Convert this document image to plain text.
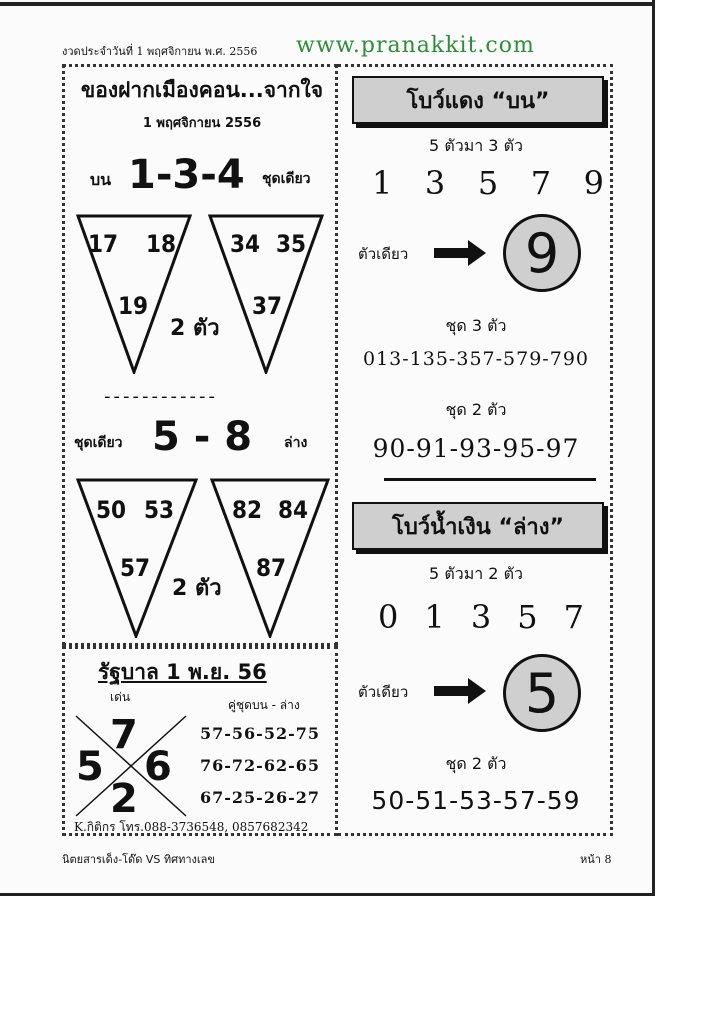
งวดประจำวันที่ 1 พฤศจิกายน พ.ศ. 2556 www.pranakkit.com
ของฝากเมืองคอน...จากใจ
1 พฤศจิกายน 2556
บน 1-3-4 ชุดเดียว
17 18
19
34 35
37
2 ตัว
------------
ชุดเดียว 5 - 8 ล่าง
50 53
57
82 84
87
2 ตัว
รัฐบาล 1 พ.ย. 56
เด่น
คู่ชุดบน - ล่าง
7
5 6
2
57-56-52-75
76-72-62-65
67-25-26-27
K.กิติกร โทร.088-3736548, 0857682342
โบว์แดง “บน”
5 ตัวมา 3 ตัว
1 3 5 7 9
ตัวเดียว	9
ชุด 3 ตัว
013-135-357-579-790
ชุด 2 ตัว
90-91-93-95-97
โบว์น้ำเงิน “ล่าง”
5 ตัวมา 2 ตัว
0 1 3 5 7
ตัวเดียว	5
ชุด 2 ตัว
50-51-53-57-59
นิตยสารเด็ง-โด๊ด VS ทิศทางเลข	หน้า 8
